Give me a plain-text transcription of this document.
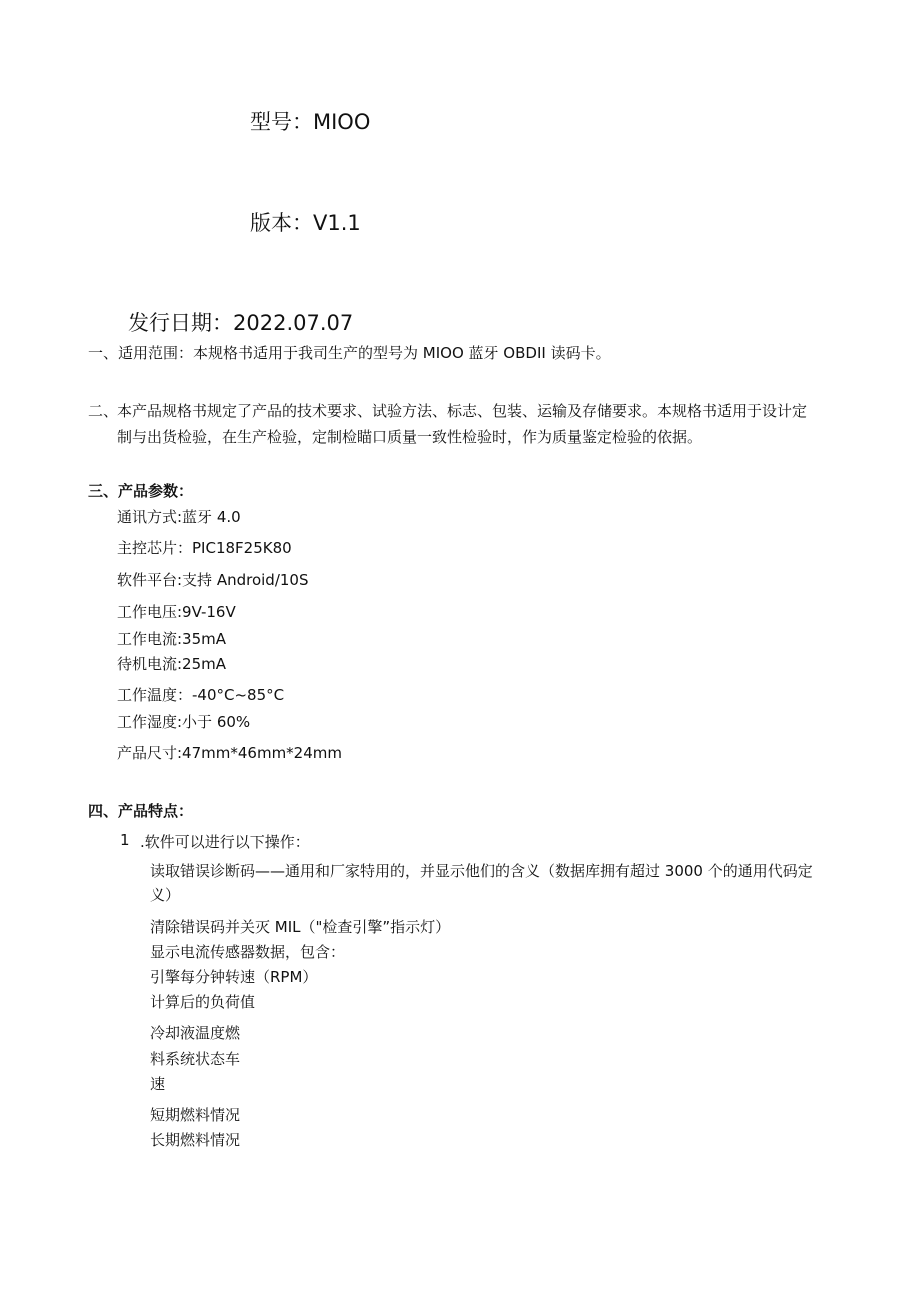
型号：MIOO
版本：V1.1
发行日期：2022.07.07
一、适用范围：本规格书适用于我司生产的型号为 MIOO 蓝牙 OBDII 读码卡。
二、
本产品规格书规定了产品的技术要求、试验方法、标志、包装、运输及存储要求。本规格书适用于设计定
制与出货检验，在生产检验，定制检瞄口质量一致性检验时，作为质量鉴定检验的依据。
三、产品参数：
通讯方式:蓝牙 4.0
主控芯片：PIC18F25K80
软件平台:支持 Android/10S
工作电压:9V-16V
工作电流:35mA
待机电流:25mA
工作温度：-40°C~85°C
工作湿度:小于 60%
产品尺寸:47mm*46mm*24mm
四、产品特点：
1 .软件可以进行以下操作：
读取错误诊断码——通用和厂家特用的，并显示他们的含义（数据库拥有超过 3000 个的通用代码定
义）
清除错误码并关灭 MIL（"检查引擎”指示灯）
显示电流传感器数据，包含：
引擎每分钟转速（RPM）
计算后的负荷值
冷却液温度燃
料系统状态车
速
短期燃料情况
长期燃料情况
